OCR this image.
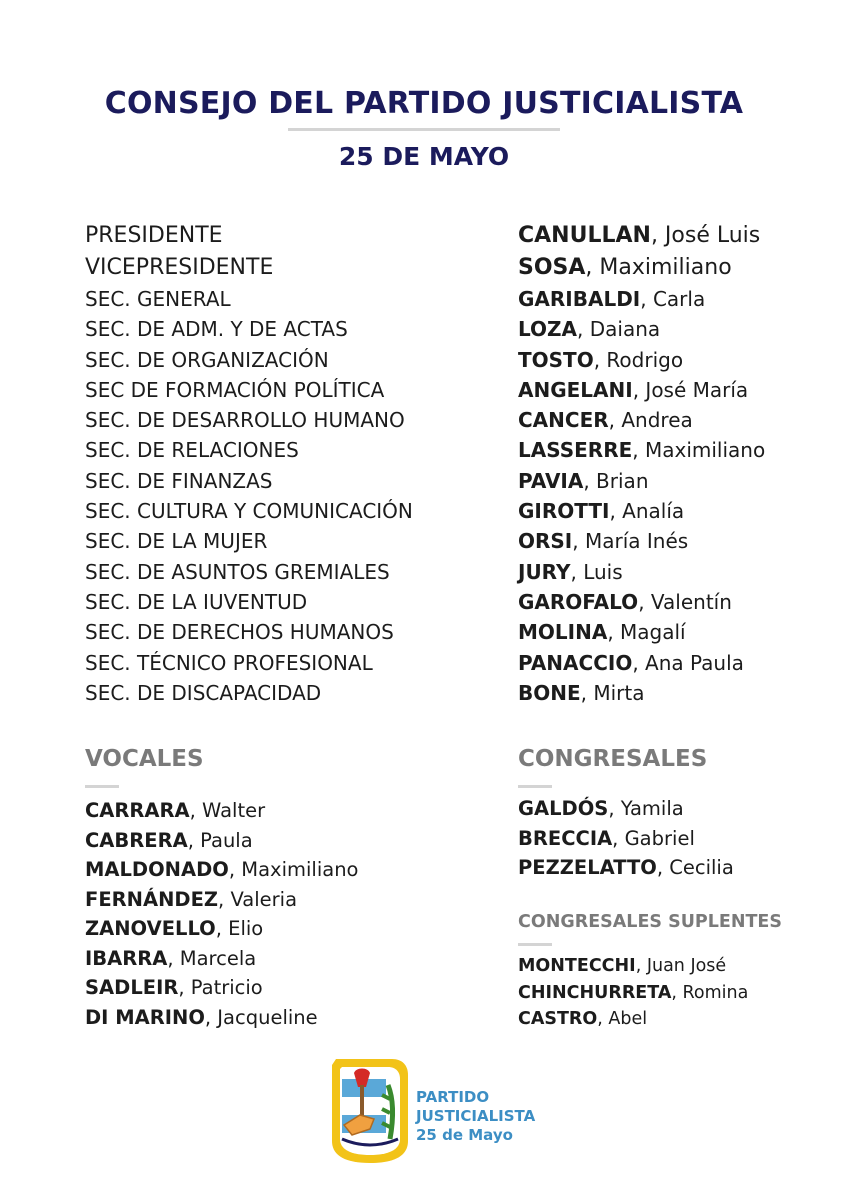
CONSEJO DEL PARTIDO JUSTICIALISTA
25 DE MAYO
PRESIDENTE
VICEPRESIDENTE
SEC. GENERAL
SEC. DE ADM. Y DE ACTAS
SEC. DE ORGANIZACIÓN
SEC DE FORMACIÓN POLÍTICA
SEC. DE DESARROLLO HUMANO
SEC. DE RELACIONES
SEC. DE FINANZAS
SEC. CULTURA Y COMUNICACIÓN
SEC. DE LA MUJER
SEC. DE ASUNTOS GREMIALES
SEC. DE LA IUVENTUD
SEC. DE DERECHOS HUMANOS
SEC. TÉCNICO PROFESIONAL
SEC. DE DISCAPACIDAD
CANULLAN, José Luis
SOSA, Maximiliano
GARIBALDI, Carla
LOZA, Daiana
TOSTO, Rodrigo
ANGELANI, José María
CANCER, Andrea
LASSERRE, Maximiliano
PAVIA, Brian
GIROTTI, Analía
ORSI, María Inés
JURY, Luis
GAROFALO, Valentín
MOLINA, Magalí
PANACCIO, Ana Paula
BONE, Mirta
VOCALES
CARRARA, Walter
CABRERA, Paula
MALDONADO, Maximiliano
FERNÁNDEZ, Valeria
ZANOVELLO, Elio
IBARRA, Marcela
SADLEIR, Patricio
DI MARINO, Jacqueline
CONGRESALES
GALDÓS, Yamila
BRECCIA, Gabriel
PEZZELATTO, Cecilia
CONGRESALES SUPLENTES
MONTECCHI, Juan José
CHINCHURRETA, Romina
CASTRO, Abel
PARTIDO
JUSTICIALISTA
25 de Mayo
